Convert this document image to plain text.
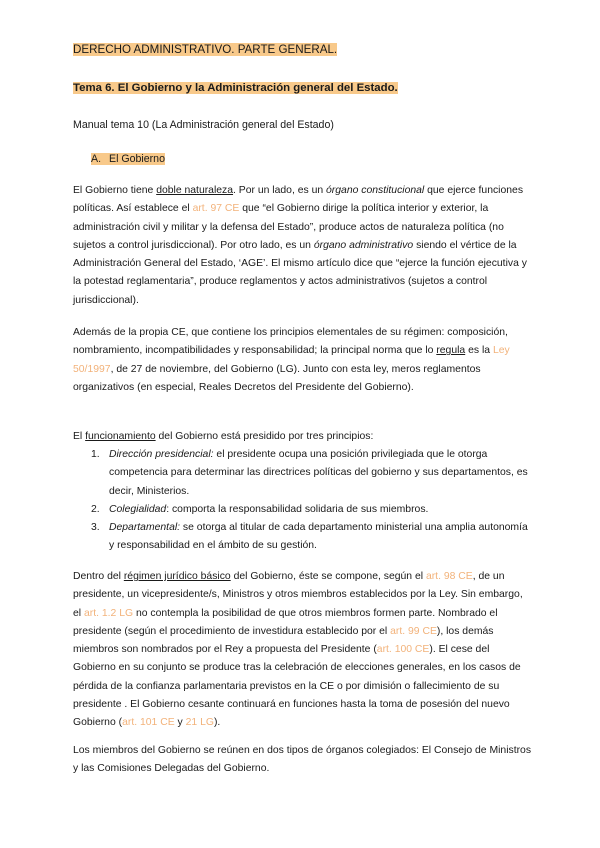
DERECHO ADMINISTRATIVO. PARTE GENERAL.
Tema 6. El Gobierno y la Administración general del Estado.
Manual tema 10 (La Administración general del Estado)
A. El Gobierno

El Gobierno tiene doble naturaleza. Por un lado, es un órgano constitucional que ejerce funciones políticas. Así establece el art. 97 CE que “el Gobierno dirige la política interior y exterior, la administración civil y militar y la defensa del Estado”, produce actos de naturaleza política (no sujetos a control jurisdiccional). Por otro lado, es un órgano administrativo siendo el vértice de la Administración General del Estado, ‘AGE’. El mismo artículo dice que “ejerce la función ejecutiva y la potestad reglamentaria”, produce reglamentos y actos administrativos (sujetos a control jurisdiccional).

Además de la propia CE, que contiene los principios elementales de su régimen: composición, nombramiento, incompatibilidades y responsabilidad; la principal norma que lo regula es la Ley 50/1997, de 27 de noviembre, del Gobierno (LG). Junto con esta ley, meros reglamentos organizativos (en especial, Reales Decretos del Presidente del Gobierno).

El funcionamiento del Gobierno está presidido por tres principios:

1. Dirección presidencial: el presidente ocupa una posición privilegiada que le otorga competencia para determinar las directrices políticas del gobierno y sus departamentos, es decir, Ministerios.
2. Colegialidad: comporta la responsabilidad solidaria de sus miembros.
3. Departamental: se otorga al titular de cada departamento ministerial una amplia autonomía y responsabilidad en el ámbito de su gestión.

Dentro del régimen jurídico básico del Gobierno, éste se compone, según el art. 98 CE, de un presidente, un vicepresidente/s, Ministros y otros miembros establecidos por la Ley. Sin embargo, el art. 1.2 LG no contempla la posibilidad de que otros miembros formen parte. Nombrado el presidente (según el procedimiento de investidura establecido por el art. 99 CE), los demás miembros son nombrados por el Rey a propuesta del Presidente (art. 100 CE). El cese del Gobierno en su conjunto se produce tras la celebración de elecciones generales, en los casos de pérdida de la confianza parlamentaria previstos en la CE o por dimisión o fallecimiento de su presidente . El Gobierno cesante continuará en funciones hasta la toma de posesión del nuevo Gobierno (art. 101 CE y 21 LG).

Los miembros del Gobierno se reúnen en dos tipos de órganos colegiados: El Consejo de Ministros y las Comisiones Delegadas del Gobierno.
